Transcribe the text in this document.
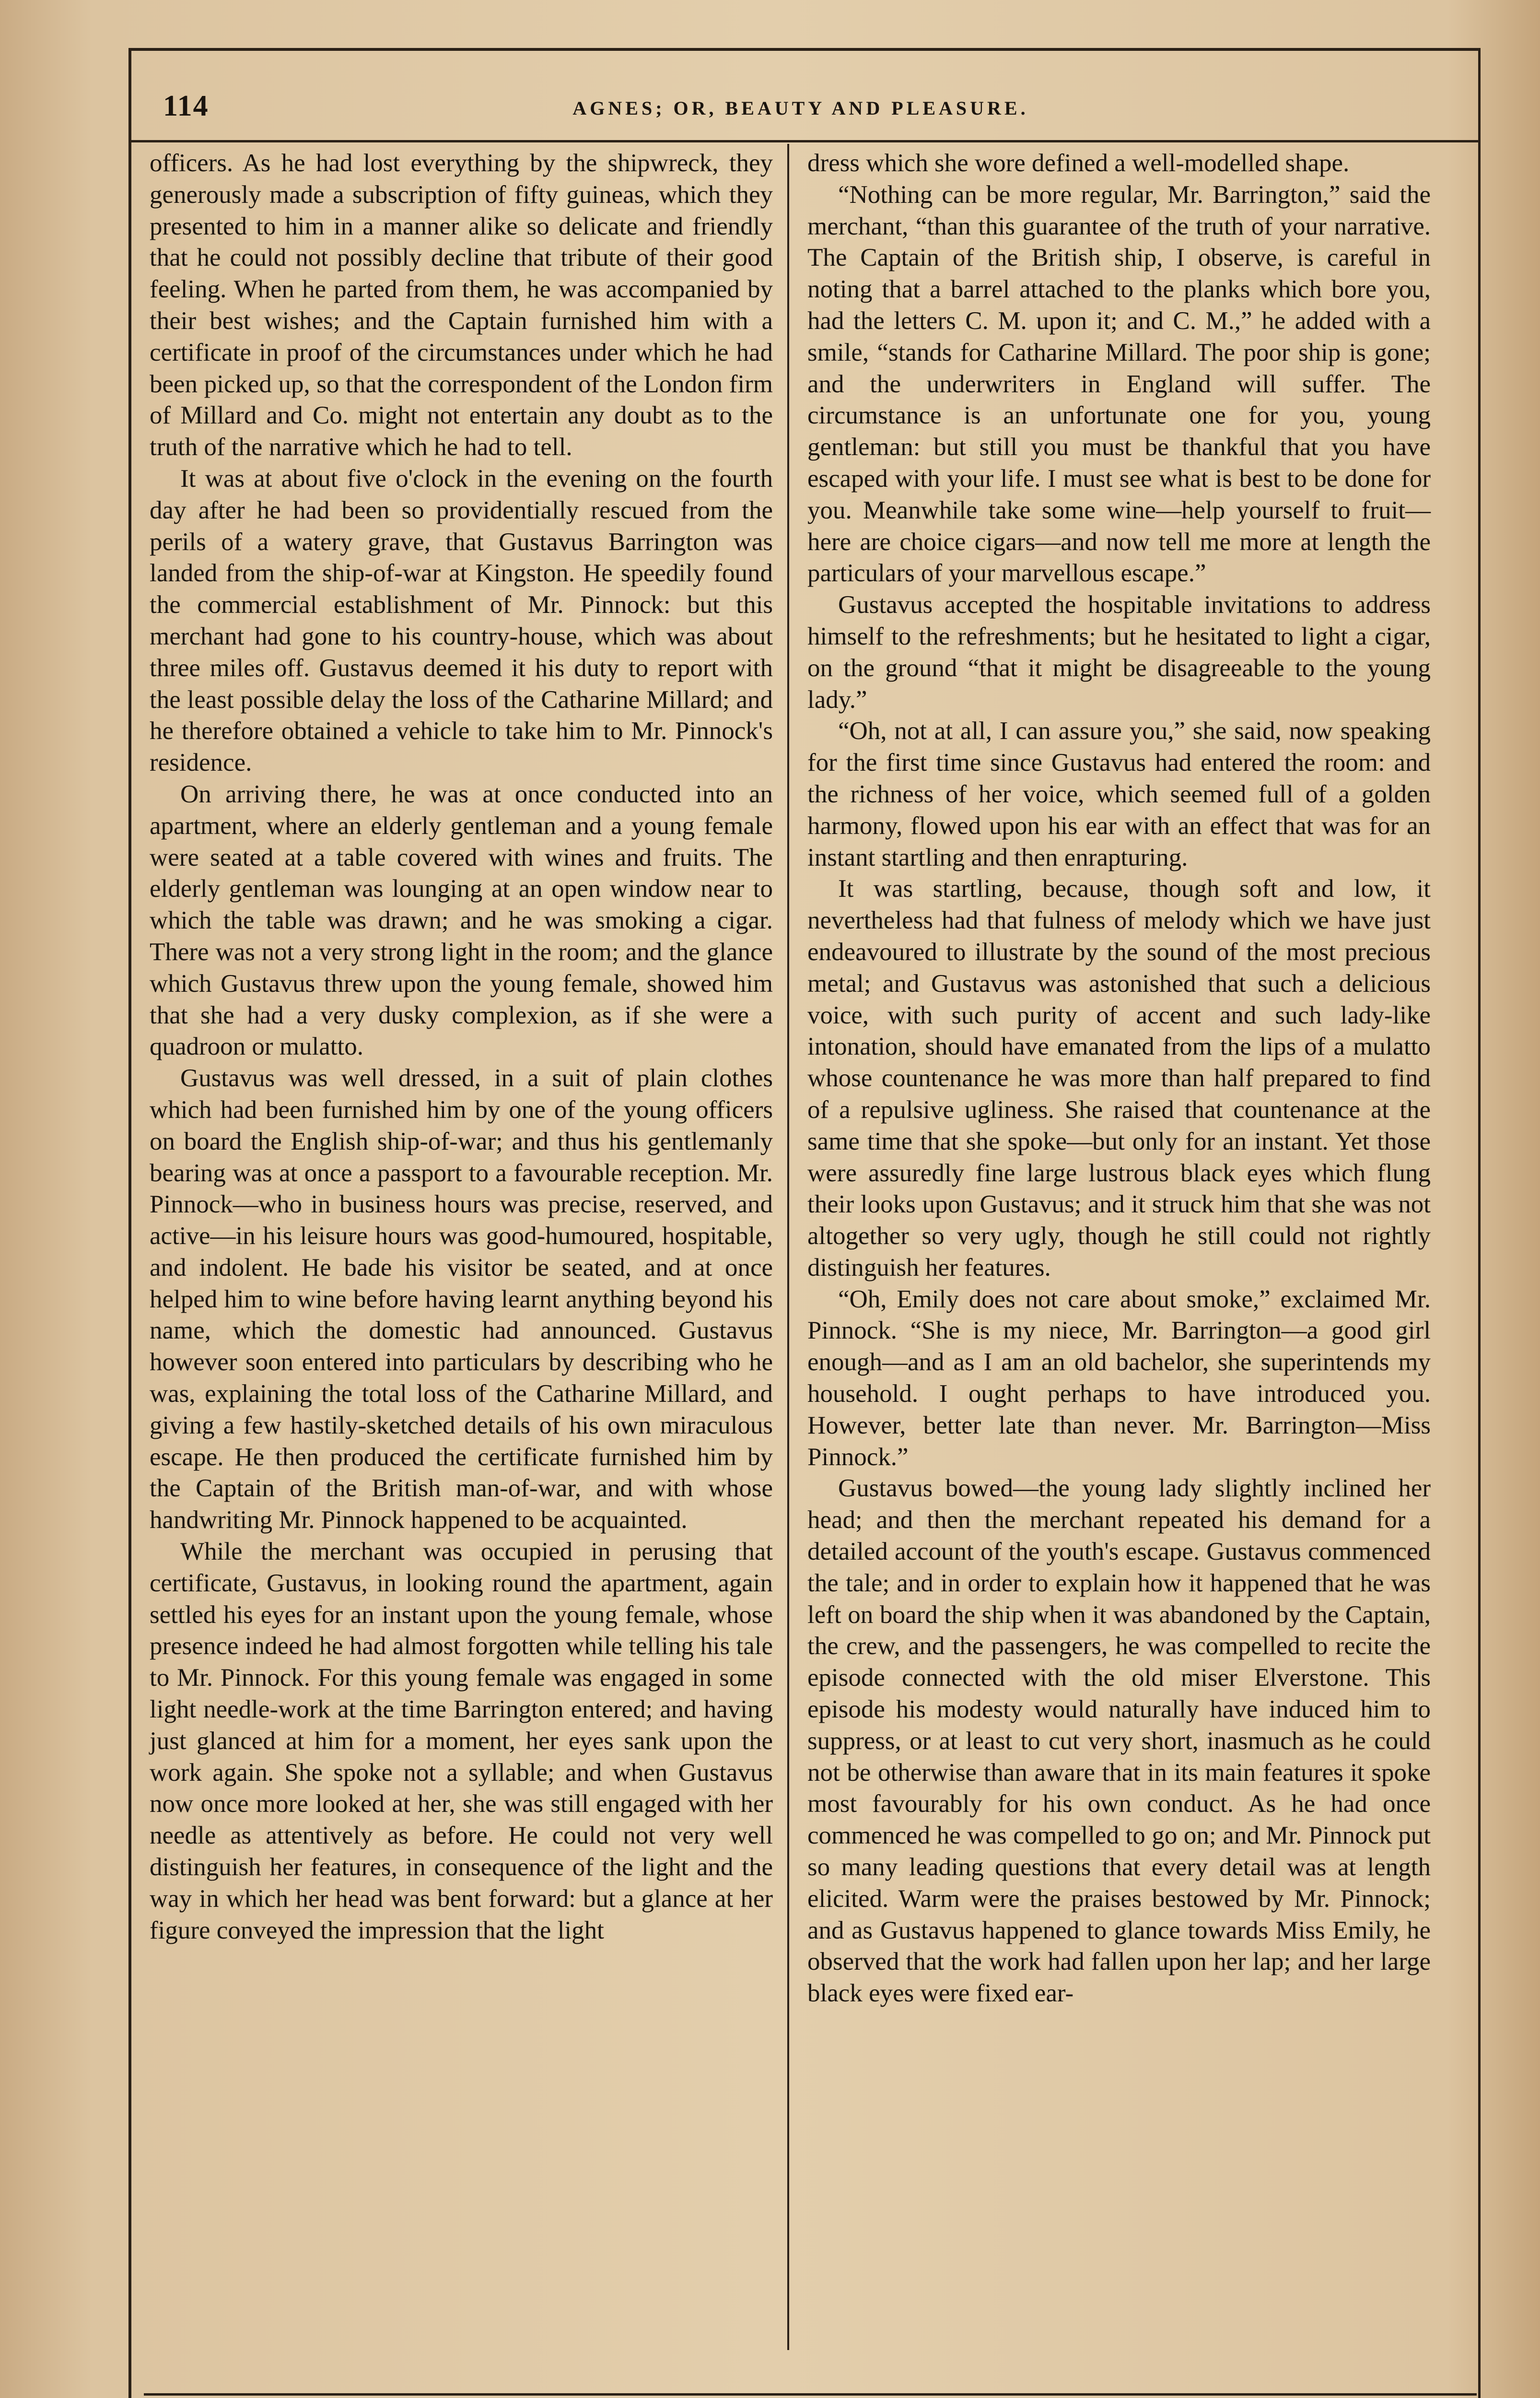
114	AGNES; OR, BEAUTY AND PLEASURE.

officers. As he had lost everything by the shipwreck, they generously made a subscription of fifty guineas, which they presented to him in a manner alike so delicate and friendly that he could not possibly decline that tribute of their good feeling. When he parted from them, he was accompanied by their best wishes; and the Captain furnished him with a certificate in proof of the circumstances under which he had been picked up, so that the correspondent of the London firm of Millard and Co. might not entertain any doubt as to the truth of the narrative which he had to tell.

It was at about five o'clock in the evening on the fourth day after he had been so providentially rescued from the perils of a watery grave, that Gustavus Barrington was landed from the ship-of-war at Kingston. He speedily found the commercial establishment of Mr. Pinnock: but this merchant had gone to his country-house, which was about three miles off. Gustavus deemed it his duty to report with the least possible delay the loss of the Catharine Millard; and he therefore obtained a vehicle to take him to Mr. Pinnock's residence.

On arriving there, he was at once conducted into an apartment, where an elderly gentleman and a young female were seated at a table covered with wines and fruits. The elderly gentleman was lounging at an open window near to which the table was drawn; and he was smoking a cigar. There was not a very strong light in the room; and the glance which Gustavus threw upon the young female, showed him that she had a very dusky complexion, as if she were a quadroon or mulatto.

Gustavus was well dressed, in a suit of plain clothes which had been furnished him by one of the young officers on board the English ship-of-war; and thus his gentlemanly bearing was at once a passport to a favourable reception. Mr. Pinnock—who in business hours was precise, reserved, and active—in his leisure hours was good-humoured, hospitable, and indolent. He bade his visitor be seated, and at once helped him to wine before having learnt anything beyond his name, which the domestic had announced. Gustavus however soon entered into particulars by describing who he was, explaining the total loss of the Catharine Millard, and giving a few hastily-sketched details of his own miraculous escape. He then produced the certificate furnished him by the Captain of the British man-of-war, and with whose handwriting Mr. Pinnock happened to be acquainted.

While the merchant was occupied in perusing that certificate, Gustavus, in looking round the apartment, again settled his eyes for an instant upon the young female, whose presence indeed he had almost forgotten while telling his tale to Mr. Pinnock. For this young female was engaged in some light needle-work at the time Barrington entered; and having just glanced at him for a moment, her eyes sank upon the work again. She spoke not a syllable; and when Gustavus now once more looked at her, she was still engaged with her needle as attentively as before. He could not very well distinguish her features, in consequence of the light and the way in which her head was bent forward: but a glance at her figure conveyed the impression that the light

dress which she wore defined a well-modelled shape.

“Nothing can be more regular, Mr. Barrington,” said the merchant, “than this guarantee of the truth of your narrative. The Captain of the British ship, I observe, is careful in noting that a barrel attached to the planks which bore you, had the letters C. M. upon it; and C. M.,” he added with a smile, “stands for Catharine Millard. The poor ship is gone; and the underwriters in England will suffer. The circumstance is an unfortunate one for you, young gentleman: but still you must be thankful that you have escaped with your life. I must see what is best to be done for you. Meanwhile take some wine—help yourself to fruit—here are choice cigars—and now tell me more at length the particulars of your marvellous escape.”

Gustavus accepted the hospitable invitations to address himself to the refreshments; but he hesitated to light a cigar, on the ground “that it might be disagreeable to the young lady.”

“Oh, not at all, I can assure you,” she said, now speaking for the first time since Gustavus had entered the room: and the richness of her voice, which seemed full of a golden harmony, flowed upon his ear with an effect that was for an instant startling and then enrapturing.

It was startling, because, though soft and low, it nevertheless had that fulness of melody which we have just endeavoured to illustrate by the sound of the most precious metal; and Gustavus was astonished that such a delicious voice, with such purity of accent and such lady-like intonation, should have emanated from the lips of a mulatto whose countenance he was more than half prepared to find of a repulsive ugliness. She raised that countenance at the same time that she spoke—but only for an instant. Yet those were assuredly fine large lustrous black eyes which flung their looks upon Gustavus; and it struck him that she was not altogether so very ugly, though he still could not rightly distinguish her features.

“Oh, Emily does not care about smoke,” exclaimed Mr. Pinnock. “She is my niece, Mr. Barrington—a good girl enough—and as I am an old bachelor, she superintends my household. I ought perhaps to have introduced you. However, better late than never. Mr. Barrington—Miss Pinnock.”

Gustavus bowed—the young lady slightly inclined her head; and then the merchant repeated his demand for a detailed account of the youth's escape. Gustavus commenced the tale; and in order to explain how it happened that he was left on board the ship when it was abandoned by the Captain, the crew, and the passengers, he was compelled to recite the episode connected with the old miser Elverstone. This episode his modesty would naturally have induced him to suppress, or at least to cut very short, inasmuch as he could not be otherwise than aware that in its main features it spoke most favourably for his own conduct. As he had once commenced he was compelled to go on; and Mr. Pinnock put so many leading questions that every detail was at length elicited. Warm were the praises bestowed by Mr. Pinnock; and as Gustavus happened to glance towards Miss Emily, he observed that the work had fallen upon her lap; and her large black eyes were fixed ear-
